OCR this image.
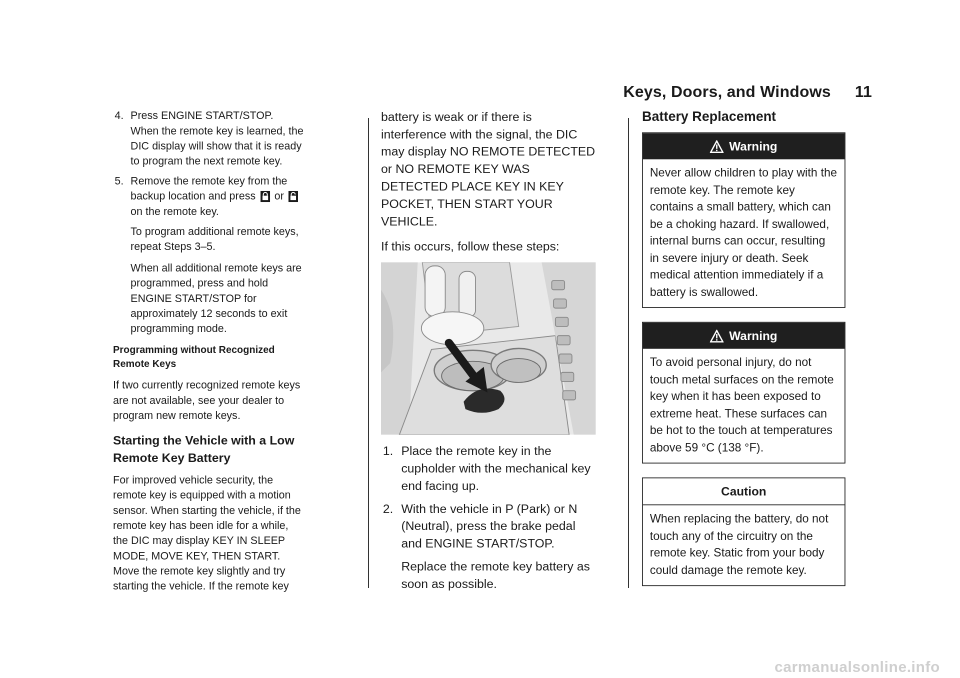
Keys, Doors, and Windows 11
4. Press ENGINE START/STOP. When the remote key is learned, the DIC display will show that it is ready to program the next remote key.
5. Remove the remote key from the backup location and press or  on the remote key.

To program additional remote keys, repeat Steps 3–5.

When all additional remote keys are programmed, press and hold ENGINE START/STOP for approximately 12 seconds to exit programming mode.

Programming without Recognized Remote Keys

If two currently recognized remote keys are not available, see your dealer to program new remote keys.

Starting the Vehicle with a Low Remote Key Battery

For improved vehicle security, the remote key is equipped with a motion sensor. When starting the vehicle, if the remote key has been idle for a while, the DIC may display KEY IN SLEEP MODE, MOVE KEY, THEN START. Move the remote key slightly and try starting the vehicle. If the remote key

battery is weak or if there is interference with the signal, the DIC may display NO REMOTE DETECTED or NO REMOTE KEY WAS DETECTED PLACE KEY IN KEY POCKET, THEN START YOUR VEHICLE.

If this occurs, follow these steps:

1. Place the remote key in the cupholder with the mechanical key end facing up.
2. With the vehicle in P (Park) or N (Neutral), press the brake pedal and ENGINE START/STOP.

Replace the remote key battery as soon as possible.

Battery Replacement
Warning
Never allow children to play with the remote key. The remote key contains a small battery, which can be a choking hazard. If swallowed, internal burns can occur, resulting in severe injury or death. Seek medical attention immediately if a battery is swallowed.
Warning
To avoid personal injury, do not touch metal surfaces on the remote key when it has been exposed to extreme heat. These surfaces can be hot to the touch at temperatures above 59 °C (138 °F).
Caution
When replacing the battery, do not touch any of the circuitry on the remote key. Static from your body could damage the remote key.
carmanualsonline.info
